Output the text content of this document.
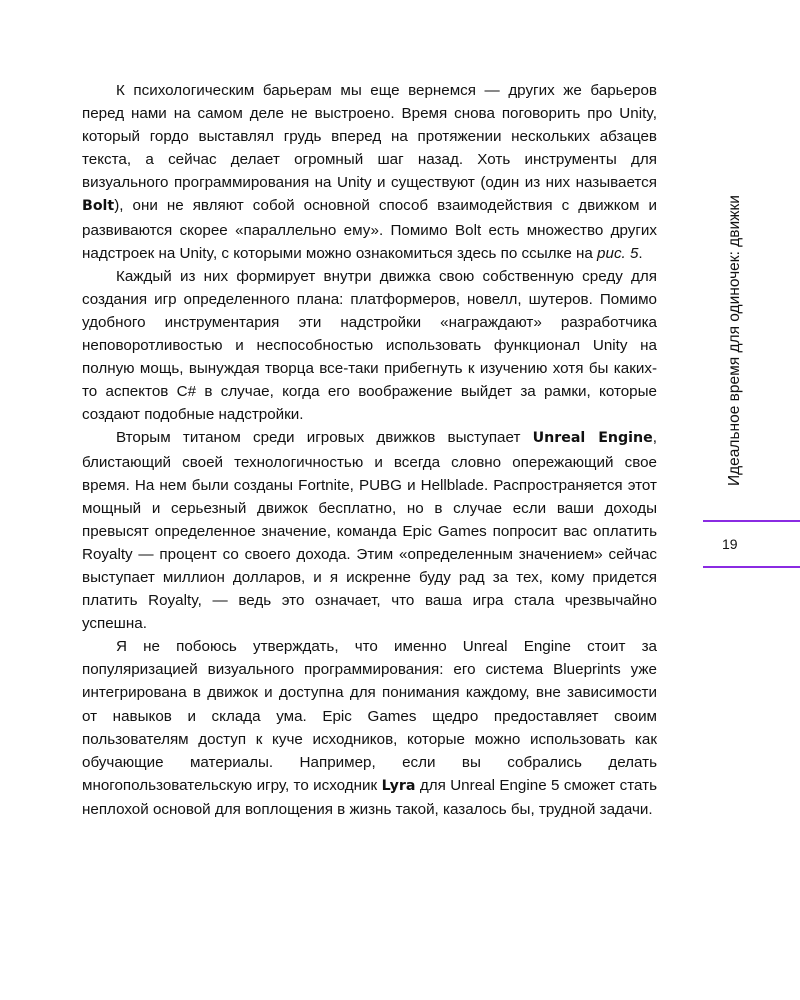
К психологическим барьерам мы еще вернемся — других же барьеров перед нами на самом деле не выстроено. Время снова поговорить про Unity, который гордо выставлял грудь вперед на протяжении нескольких абзацев текста, а сейчас делает огромный шаг назад. Хоть инструменты для визуального программирования на Unity и существуют (один из них называется Bolt), они не являют собой основной способ взаимодействия с движком и развиваются скорее «параллельно ему». Помимо Bolt есть множество других надстроек на Unity, с которыми можно ознакомиться здесь по ссылке на рис. 5.

Каждый из них формирует внутри движка свою собственную среду для создания игр определенного плана: платформеров, новелл, шутеров. Помимо удобного инструментария эти надстройки «награждают» разработчика неповоротливостью и неспособностью использовать функционал Unity на полную мощь, вынуждая творца все-таки прибегнуть к изучению хотя бы каких-то аспектов C# в случае, когда его воображение выйдет за рамки, которые создают подобные надстройки.

Вторым титаном среди игровых движков выступает Unreal Engine, блистающий своей технологичностью и всегда словно опережающий свое время. На нем были созданы Fortnite, PUBG и Hellblade. Распространяется этот мощный и серьезный движок бесплатно, но в случае если ваши доходы превысят определенное значение, команда Epic Games попросит вас оплатить Royalty — процент со своего дохода. Этим «определенным значением» сейчас выступает миллион долларов, и я искренне буду рад за тех, кому придется платить Royalty, — ведь это означает, что ваша игра стала чрезвычайно успешна.

Я не побоюсь утверждать, что именно Unreal Engine стоит за популяризацией визуального программирования: его система Blueprints уже интегрирована в движок и доступна для понимания каждому, вне зависимости от навыков и склада ума. Epic Games щедро предоставляет своим пользователям доступ к куче исходников, которые можно использовать как обучающие материалы. Например, если вы собрались делать многопользовательскую игру, то исходник Lyra для Unreal Engine 5 сможет стать неплохой основой для воплощения в жизнь такой, казалось бы, трудной задачи.

Идеальное время для одиночек: движки
19
